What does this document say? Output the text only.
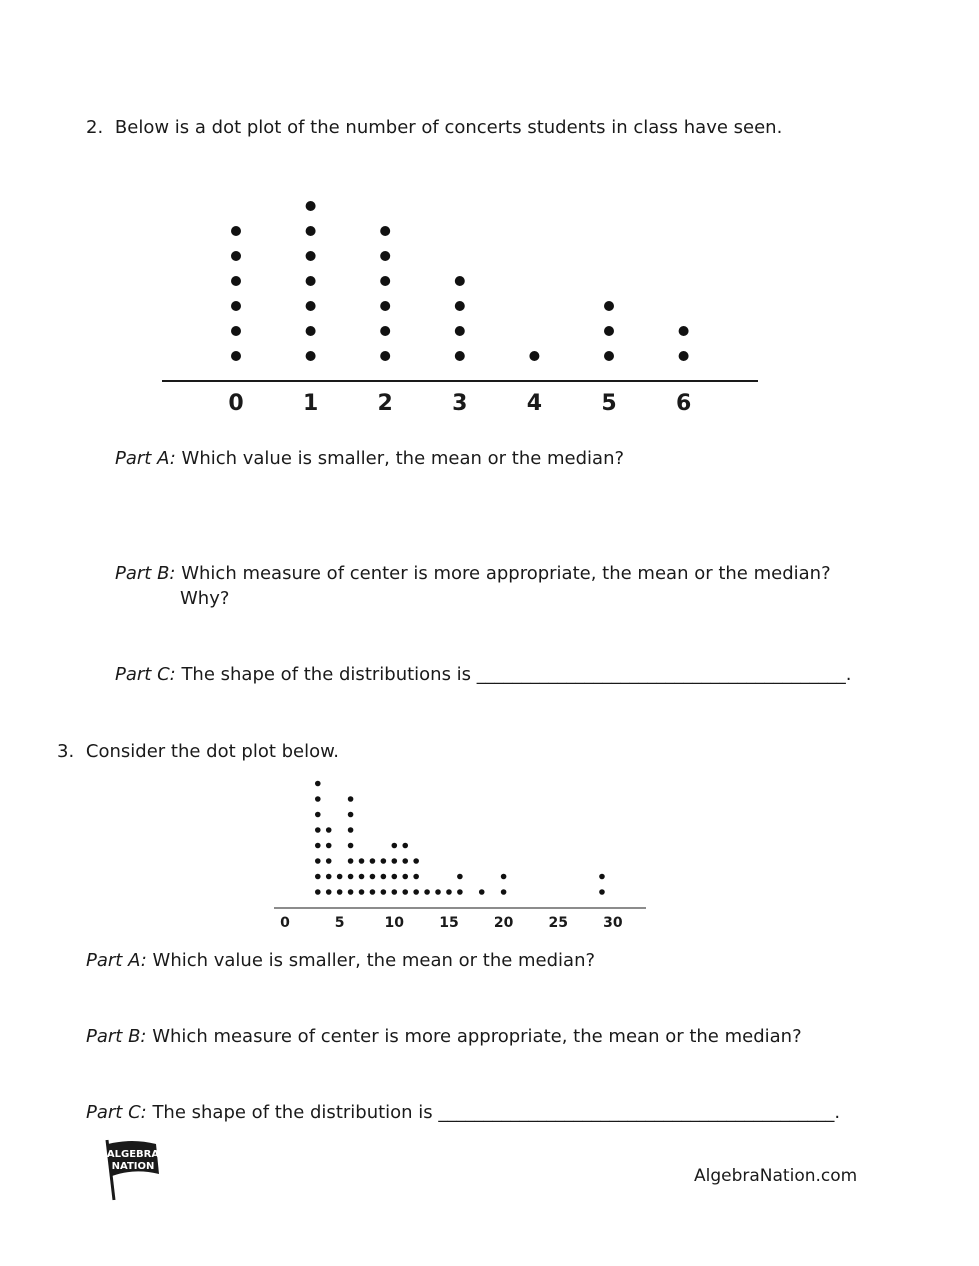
2. Below is a dot plot of the number of concerts students in class have seen.
0	1	2	3	4	5	6
Part A: Which value is smaller, the mean or the median?
Part B: Which measure of center is more appropriate, the mean or the median?
Why?
Part C: The shape of the distributions is _________________________________________.
3. Consider the dot plot below.
0	5	10	15	20	25	30
Part A: Which value is smaller, the mean or the median?
Part B: Which measure of center is more appropriate, the mean or the median?
Part C: The shape of the distribution is ____________________________________________.
ALGEBRA
NATION	AlgebraNation.com
